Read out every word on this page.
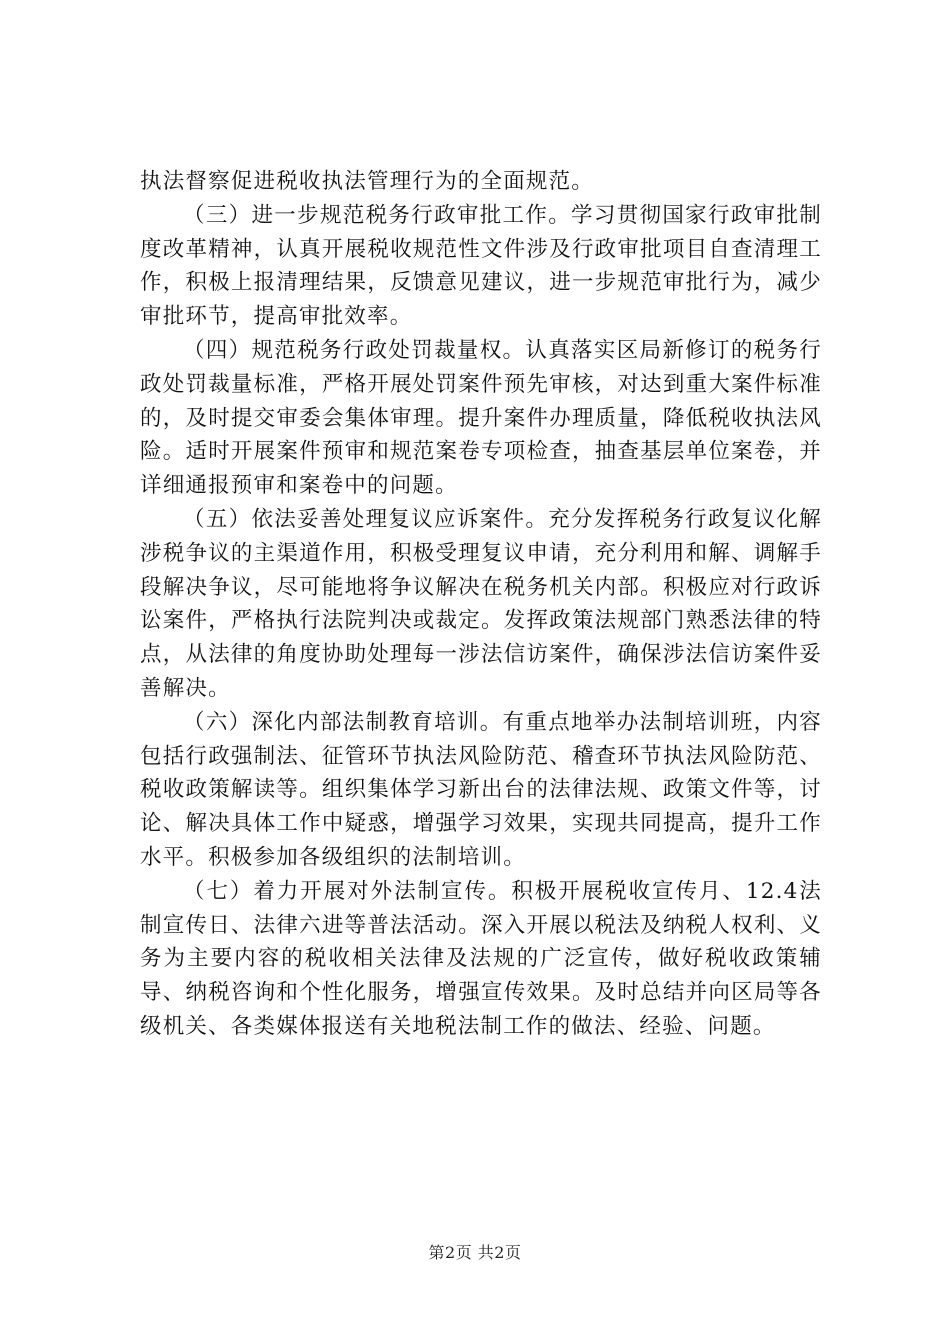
执法督察促进税收执法管理行为的全面规范。

（三）进一步规范税务行政审批工作。学习贯彻国家行政审批制度改革精神，认真开展税收规范性文件涉及行政审批项目自查清理工作，积极上报清理结果，反馈意见建议，进一步规范审批行为，减少审批环节，提高审批效率。

（四）规范税务行政处罚裁量权。认真落实区局新修订的税务行政处罚裁量标准，严格开展处罚案件预先审核，对达到重大案件标准的，及时提交审委会集体审理。提升案件办理质量，降低税收执法风险。适时开展案件预审和规范案卷专项检查，抽查基层单位案卷，并详细通报预审和案卷中的问题。

（五）依法妥善处理复议应诉案件。充分发挥税务行政复议化解涉税争议的主渠道作用，积极受理复议申请，充分利用和解、调解手段解决争议，尽可能地将争议解决在税务机关内部。积极应对行政诉讼案件，严格执行法院判决或裁定。发挥政策法规部门熟悉法律的特点，从法律的角度协助处理每一涉法信访案件，确保涉法信访案件妥善解决。

（六）深化内部法制教育培训。有重点地举办法制培训班，内容包括行政强制法、征管环节执法风险防范、稽查环节执法风险防范、税收政策解读等。组织集体学习新出台的法律法规、政策文件等，讨论、解决具体工作中疑惑，增强学习效果，实现共同提高，提升工作水平。积极参加各级组织的法制培训。

（七）着力开展对外法制宣传。积极开展税收宣传月、12.4法制宣传日、法律六进等普法活动。深入开展以税法及纳税人权利、义务为主要内容的税收相关法律及法规的广泛宣传，做好税收政策辅导、纳税咨询和个性化服务，增强宣传效果。及时总结并向区局等各级机关、各类媒体报送有关地税法制工作的做法、经验、问题。

第2页 共2页
